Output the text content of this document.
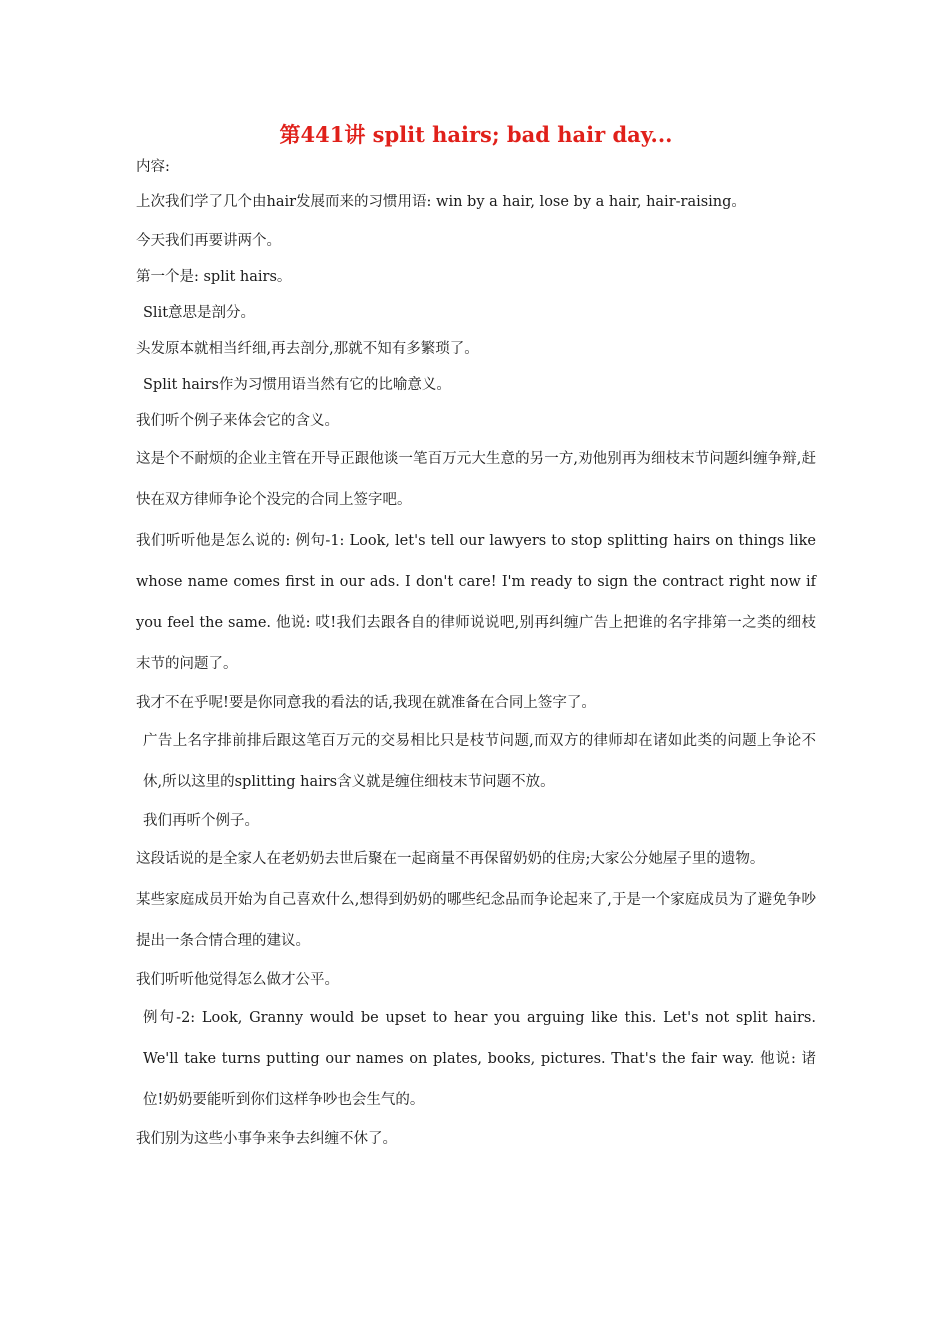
第441讲 split hairs; bad hair day...

内容:

上次我们学了几个由hair发展而来的习惯用语: win by a hair, lose by a hair, hair-raising。

今天我们再要讲两个。

第一个是: split hairs。

Slit意思是剖分。

头发原本就相当纤细,再去剖分,那就不知有多繁琐了。

Split hairs作为习惯用语当然有它的比喻意义。

我们听个例子来体会它的含义。

这是个不耐烦的企业主管在开导正跟他谈一笔百万元大生意的另一方,劝他别再为细枝末节问题纠缠争辩,赶快在双方律师争论个没完的合同上签字吧。

我们听听他是怎么说的: 例句-1: Look, let's tell our lawyers to stop splitting hairs on things like whose name comes first in our ads. I don't care! I'm ready to sign the contract right now if you feel the same. 他说: 哎!我们去跟各自的律师说说吧,别再纠缠广告上把谁的名字排第一之类的细枝末节的问题了。

我才不在乎呢!要是你同意我的看法的话,我现在就准备在合同上签字了。

广告上名字排前排后跟这笔百万元的交易相比只是枝节问题,而双方的律师却在诸如此类的问题上争论不休,所以这里的splitting hairs含义就是缠住细枝末节问题不放。

我们再听个例子。

这段话说的是全家人在老奶奶去世后聚在一起商量不再保留奶奶的住房;大家公分她屋子里的遗物。

某些家庭成员开始为自己喜欢什么,想得到奶奶的哪些纪念品而争论起来了,于是一个家庭成员为了避免争吵提出一条合情合理的建议。

我们听听他觉得怎么做才公平。

例句-2: Look, Granny would be upset to hear you arguing like this. Let's not split hairs. We'll take turns putting our names on plates, books, pictures. That's the fair way. 他说: 诸位!奶奶要能听到你们这样争吵也会生气的。

我们别为这些小事争来争去纠缠不休了。
